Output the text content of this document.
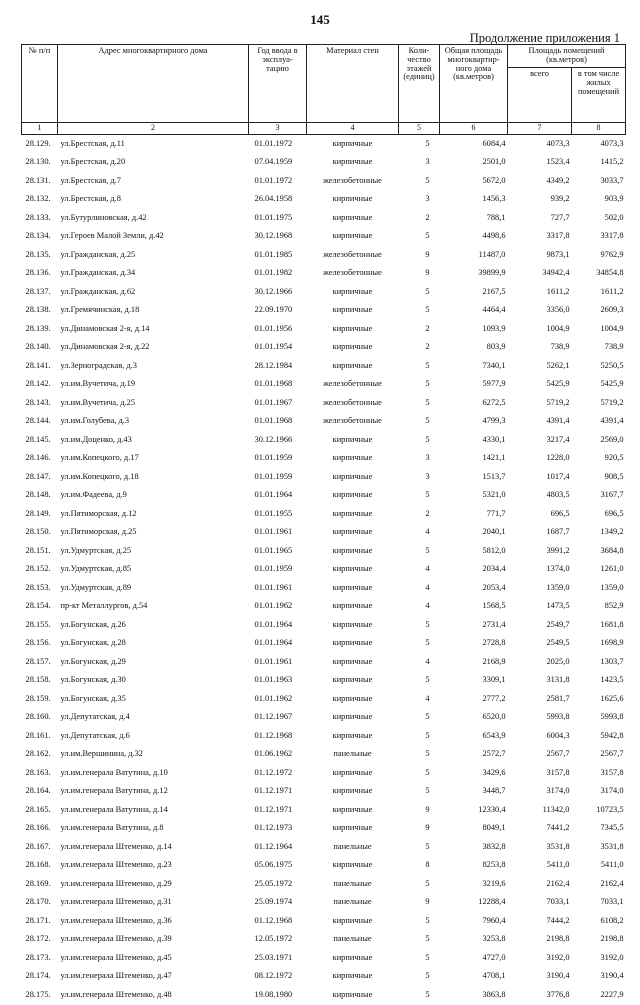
145
Продолжение приложения 1
№ п/п	Адрес многоквартирного дома	Год ввода в эксплуа-тацию	Материал стен	Коли-чество этажей (единиц)	Общая площадь многоквартир-ного дома (кв.метров)	Площадь помещений (кв.метров)	
						всего	в том числе жилых помещений
1	2	3	4	5	6	7	8
28.129.	ул.Брестская, д.11	01.01.1972	кирпичные	5	6084,4	4073,3	4073,3
28.130.	ул.Брестская, д.20	07.04.1959	кирпичные	3	2501,0	1523,4	1415,2
28.131.	ул.Брестская, д.7	01.01.1972	железобетонные	5	5672,0	4349,2	3033,7
28.132.	ул.Брестская, д.8	26.04.1958	кирпичные	3	1456,3	939,2	903,9
28.133.	ул.Бутурлиновская, д.42	01.01.1975	кирпичные	2	788,1	727,7	502,0
28.134.	ул.Героев Малой Земли, д.42	30.12.1968	кирпичные	5	4498,6	3317,8	3317,8
28.135.	ул.Гражданская, д.25	01.01.1985	железобетонные	9	11487,0	9873,1	9762,9
28.136.	ул.Гражданская, д.34	01.01.1982	железобетонные	9	39899,9	34942,4	34854,8
28.137.	ул.Гражданская, д.62	30.12.1966	кирпичные	5	2167,5	1611,2	1611,2
28.138.	ул.Гремячинская, д.18	22.09.1970	кирпичные	5	4464,4	3356,0	2609,3
28.139.	ул.Динамовская 2-я, д.14	01.01.1956	кирпичные	2	1093,9	1004,9	1004,9
28.140.	ул.Динамовская 2-я, д.22	01.01.1954	кирпичные	2	803,9	738,9	738,9
28.141.	ул.Зерноградская, д.3	28.12.1984	кирпичные	5	7340,1	5262,1	5250,5
28.142.	ул.им.Вучетича, д.19	01.01.1968	железобетонные	5	5977,9	5425,9	5425,9
28.143.	ул.им.Вучетича, д.25	01.01.1967	железобетонные	5	6272,5	5719,2	5719,2
28.144.	ул.им.Голубева, д.3	01.01.1968	железобетонные	5	4799,3	4391,4	4391,4
28.145.	ул.им.Доценко, д.43	30.12.1966	кирпичные	5	4330,1	3217,4	2569,0
28.146.	ул.им.Копецкого, д.17	01.01.1959	кирпичные	3	1421,1	1228,0	920,5
28.147.	ул.им.Копецкого, д.18	01.01.1959	кирпичные	3	1513,7	1017,4	908,5
28.148.	ул.им.Фадеева, д.9	01.01.1964	кирпичные	5	5321,0	4803,5	3167,7
28.149.	ул.Пятиморская, д.12	01.01.1955	кирпичные	2	771,7	696,5	696,5
28.150.	ул.Пятиморская, д.25	01.01.1961	кирпичные	4	2040,1	1687,7	1349,2
28.151.	ул.Удмуртская, д.25	01.01.1965	кирпичные	5	5812,0	3991,2	3684,8
28.152.	ул.Удмуртская, д.85	01.01.1959	кирпичные	4	2034,4	1374,0	1261,0
28.153.	ул.Удмуртская, д.89	01.01.1961	кирпичные	4	2053,4	1359,0	1359,0
28.154.	пр-кт Металлургов, д.54	01.01.1962	кирпичные	4	1568,5	1473,5	852,9
28.155.	ул.Богунская, д.26	01.01.1964	кирпичные	5	2731,4	2549,7	1681,8
28.156.	ул.Богунская, д.28	01.01.1964	кирпичные	5	2728,8	2549,5	1698,9
28.157.	ул.Богунская, д.29	01.01.1961	кирпичные	4	2168,9	2025,0	1303,7
28.158.	ул.Богунская, д.30	01.01.1963	кирпичные	5	3309,1	3131,8	1423,5
28.159.	ул.Богунская, д.35	01.01.1962	кирпичные	4	2777,2	2581,7	1625,6
28.160.	ул.Депутатская, д.4	01.12.1967	кирпичные	5	6520,0	5993,8	5993,8
28.161.	ул.Депутатская, д.6	01.12.1968	кирпичные	5	6543,9	6004,3	5942,8
28.162.	ул.им.Вершинина, д.32	01.06.1962	панельные	5	2572,7	2567,7	2567,7
28.163.	ул.им.генерала Ватутина, д.10	01.12.1972	кирпичные	5	3429,6	3157,8	3157,8
28.164.	ул.им.генерала Ватутина, д.12	01.12.1971	кирпичные	5	3448,7	3174,0	3174,0
28.165.	ул.им.генерала Ватутина, д.14	01.12.1971	кирпичные	9	12330,4	11342,0	10723,5
28.166.	ул.им.генерала Ватутина, д.8	01.12.1973	кирпичные	9	8049,1	7441,2	7345,5
28.167.	ул.им.генерала Штеменко, д.14	01.12.1964	панельные	5	3832,8	3531,8	3531,8
28.168.	ул.им.генерала Штеменко, д.23	05.06.1975	кирпичные	8	8253,8	5411,0	5411,0
28.169.	ул.им.генерала Штеменко, д.29	25.05.1972	панельные	5	3219,6	2162,4	2162,4
28.170.	ул.им.генерала Штеменко, д.31	25.09.1974	панельные	9	12288,4	7033,1	7033,1
28.171.	ул.им.генерала Штеменко, д.36	01.12.1968	кирпичные	5	7960,4	7444,2	6108,2
28.172.	ул.им.генерала Штеменко, д.39	12.05.1972	панельные	5	3253,8	2198,8	2198,8
28.173.	ул.им.генерала Штеменко, д.45	25.03.1971	кирпичные	5	4727,0	3192,0	3192,0
28.174.	ул.им.генерала Штеменко, д.47	08.12.1972	кирпичные	5	4708,1	3190,4	3190,4
28.175.	ул.им.генерала Штеменко, д.48	19.08.1980	кирпичные	5	3863,8	3776,8	2227,9
